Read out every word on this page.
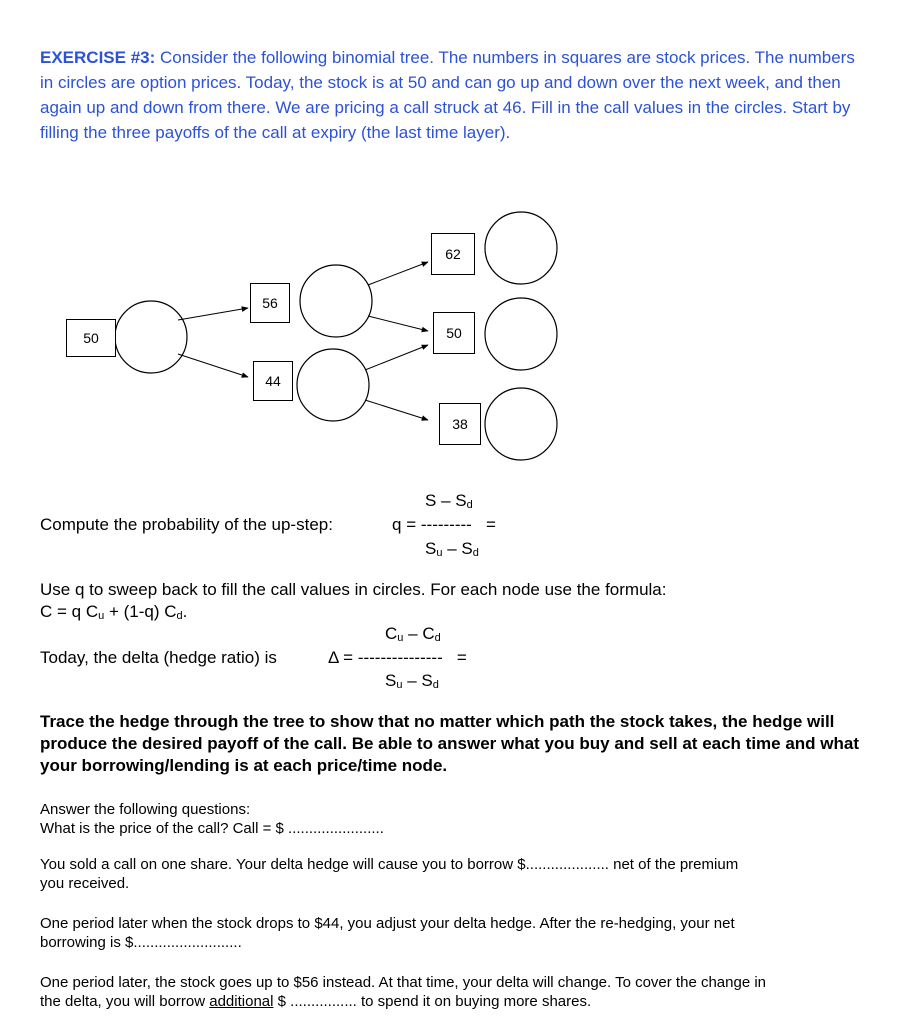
EXERCISE #3: Consider the following binomial tree. The numbers in squares are stock prices. The numbers in circles are option prices. Today, the stock is at 50 and can go up and down over the next week, and then again up and down from there. We are pricing a call struck at 46. Fill in the call values in the circles. Start by filling the three payoffs of the call at expiry (the last time layer).
50
56
44
62
50
38
S – $S_d$
Compute the probability of the up-step:	q = --------- =
$S_u - S_d$
Use q to sweep back to fill the call values in circles. For each node use the formula:
C = q $C_u + (1-q)$ $C_d$.
$C_u - C_d$
Today, the delta (hedge ratio) is	Δ = --------------- =
$S_u - S_d$
Trace the hedge through the tree to show that no matter which path the stock takes, the hedge will produce the desired payoff of the call. Be able to answer what you buy and sell at each time and what your borrowing/lending is at each price/time node.
Answer the following questions:
What is the price of the call? Call = $ .......................
You sold a call on one share. Your delta hedge will cause you to borrow $.................... net of the premium
you received.
One period later when the stock drops to $44, you adjust your delta hedge. After the re-hedging, your net
borrowing is $..........................
One period later, the stock goes up to $56 instead. At that time, your delta will change. To cover the change in
the delta, you will borrow additional $ ................ to spend it on buying more shares.
